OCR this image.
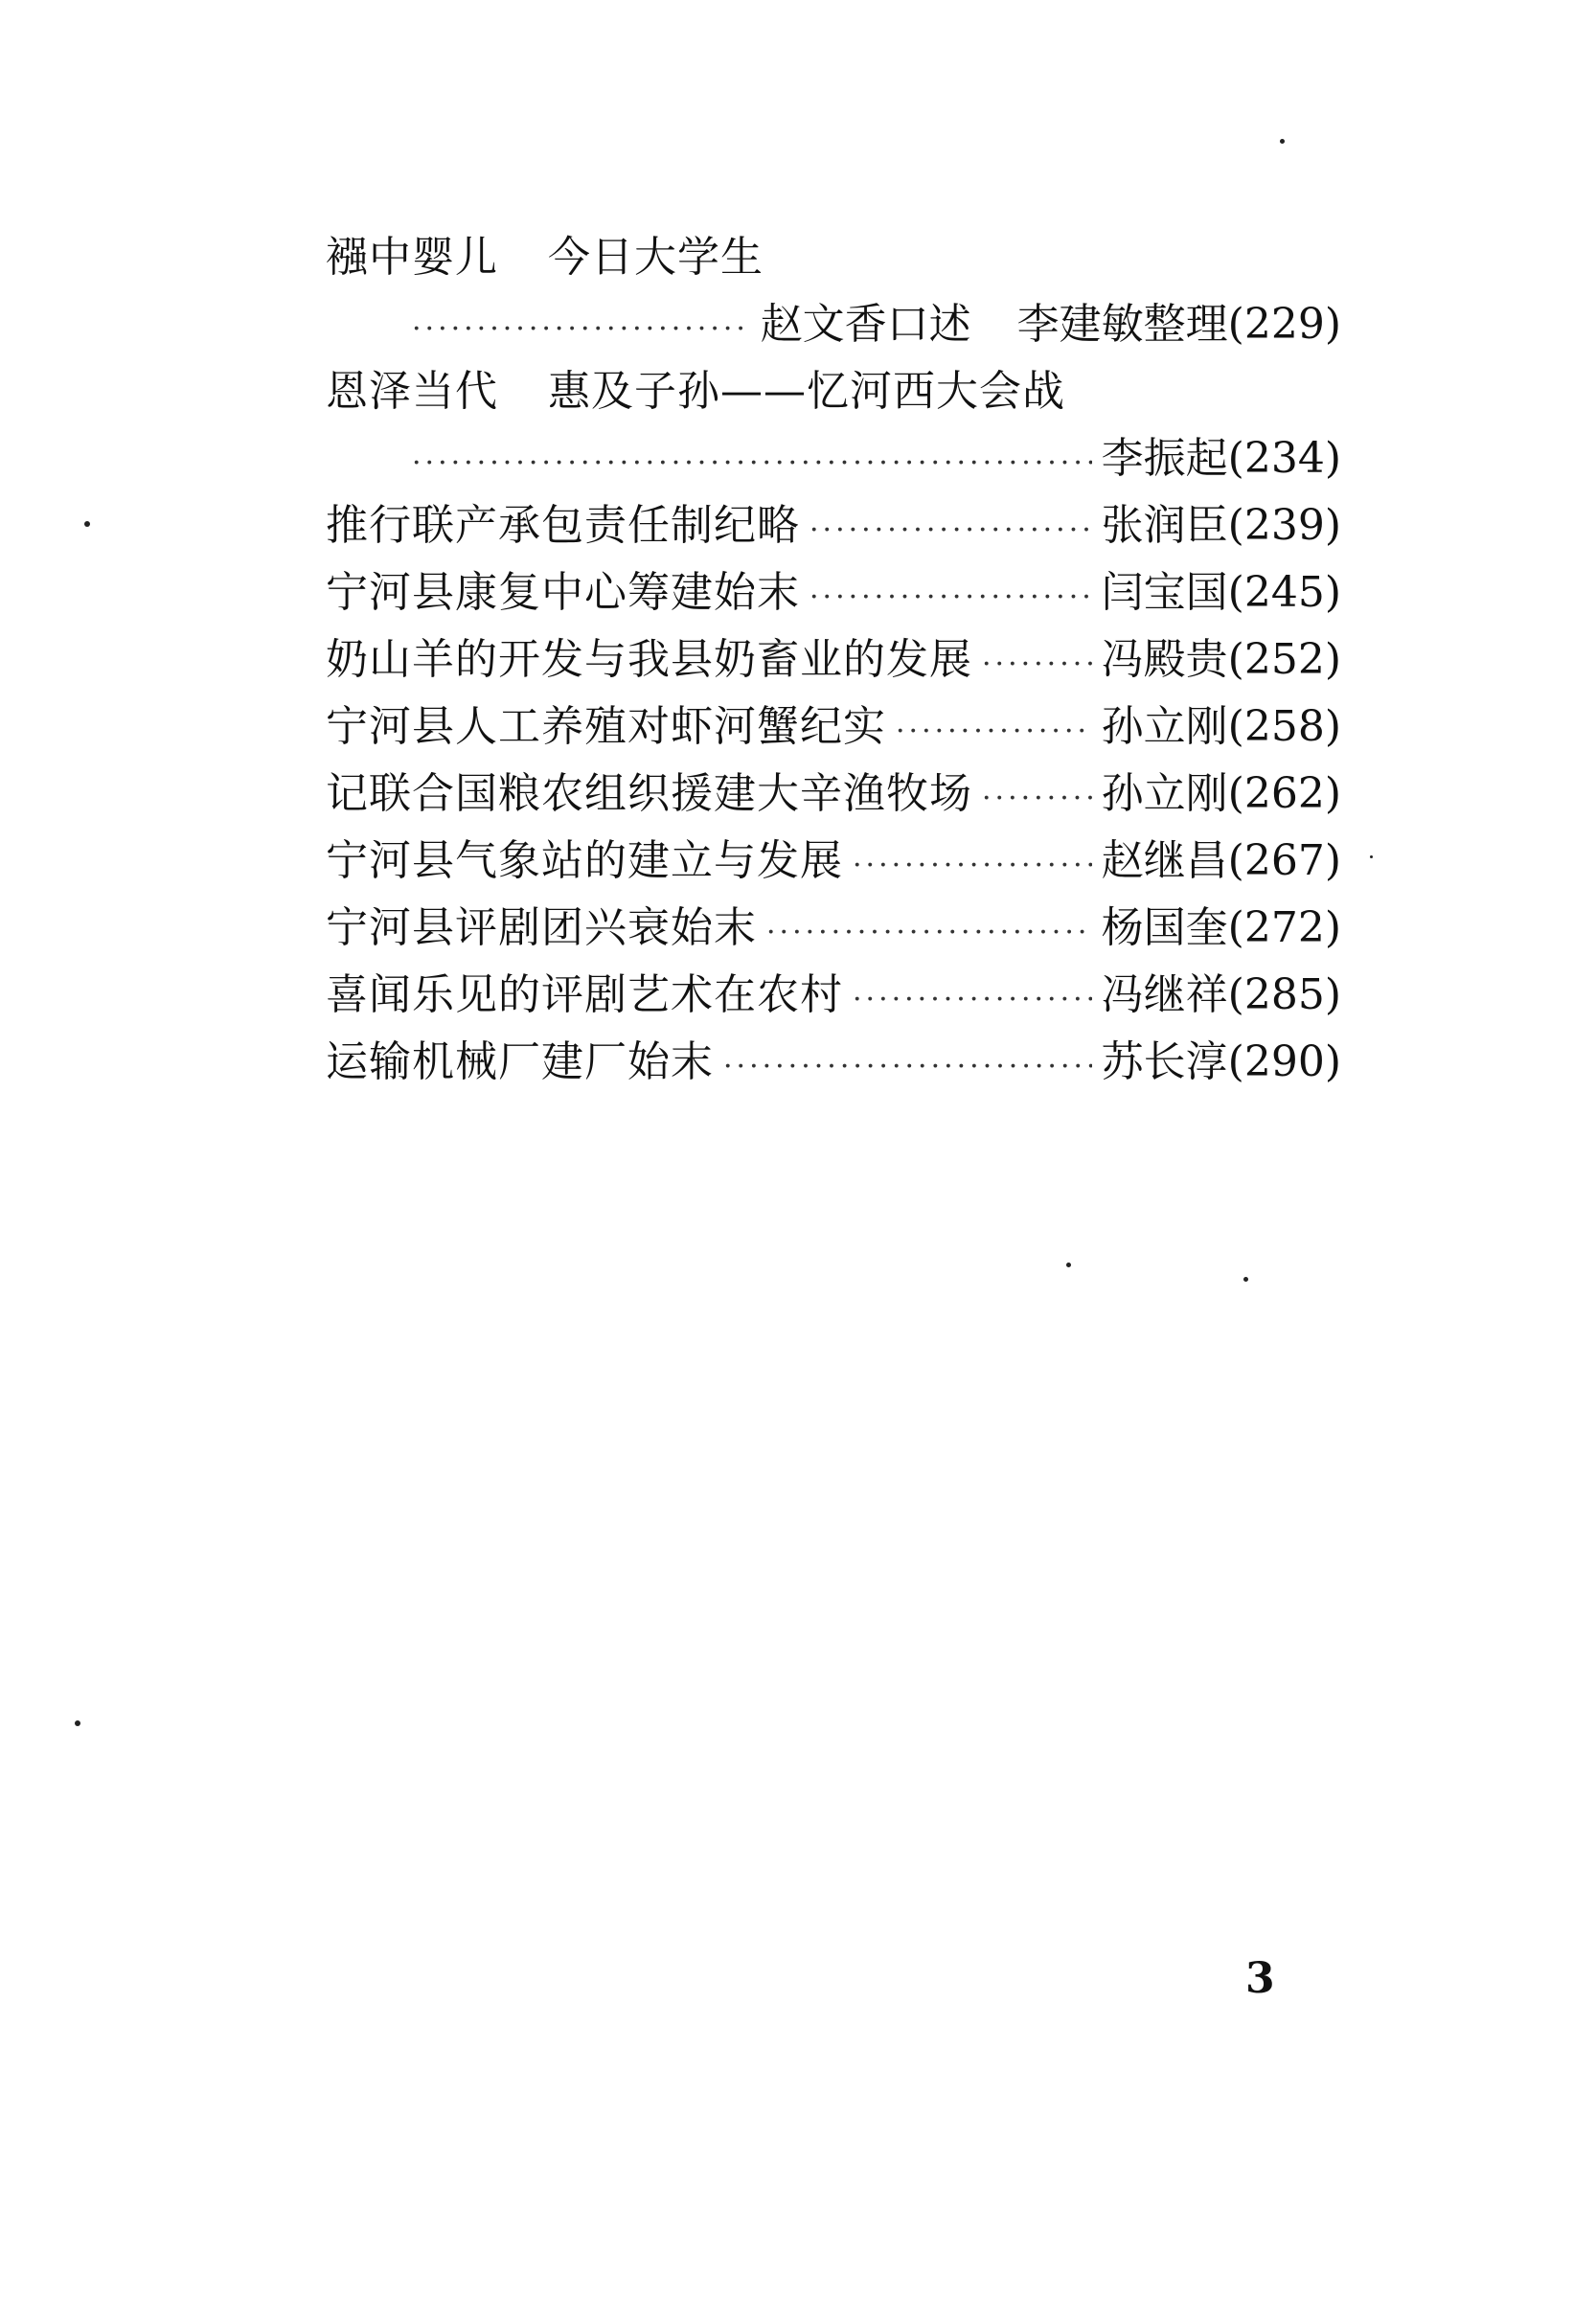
襁中婴儿 今日大学生
·····
赵文香口述 李建敏整理(229)
恩泽当代 惠及子孙——忆河西大会战
·····
李振起(234)
推行联产承包责任制纪略 ·····	张润臣(239)
宁河县康复中心筹建始末 ·····	闫宝国(245)
奶山羊的开发与我县奶畜业的发展 ·····	冯殿贵(252)
宁河县人工养殖对虾河蟹纪实 ·····	孙立刚(258)
记联合国粮农组织援建大辛渔牧场 ·····	孙立刚(262)
宁河县气象站的建立与发展 ·····	赵继昌(267)
宁河县评剧团兴衰始末 ·····	杨国奎(272)
喜闻乐见的评剧艺术在农村 ·····	冯继祥(285)
运输机械厂建厂始末 ·····	苏长淳(290)
3
